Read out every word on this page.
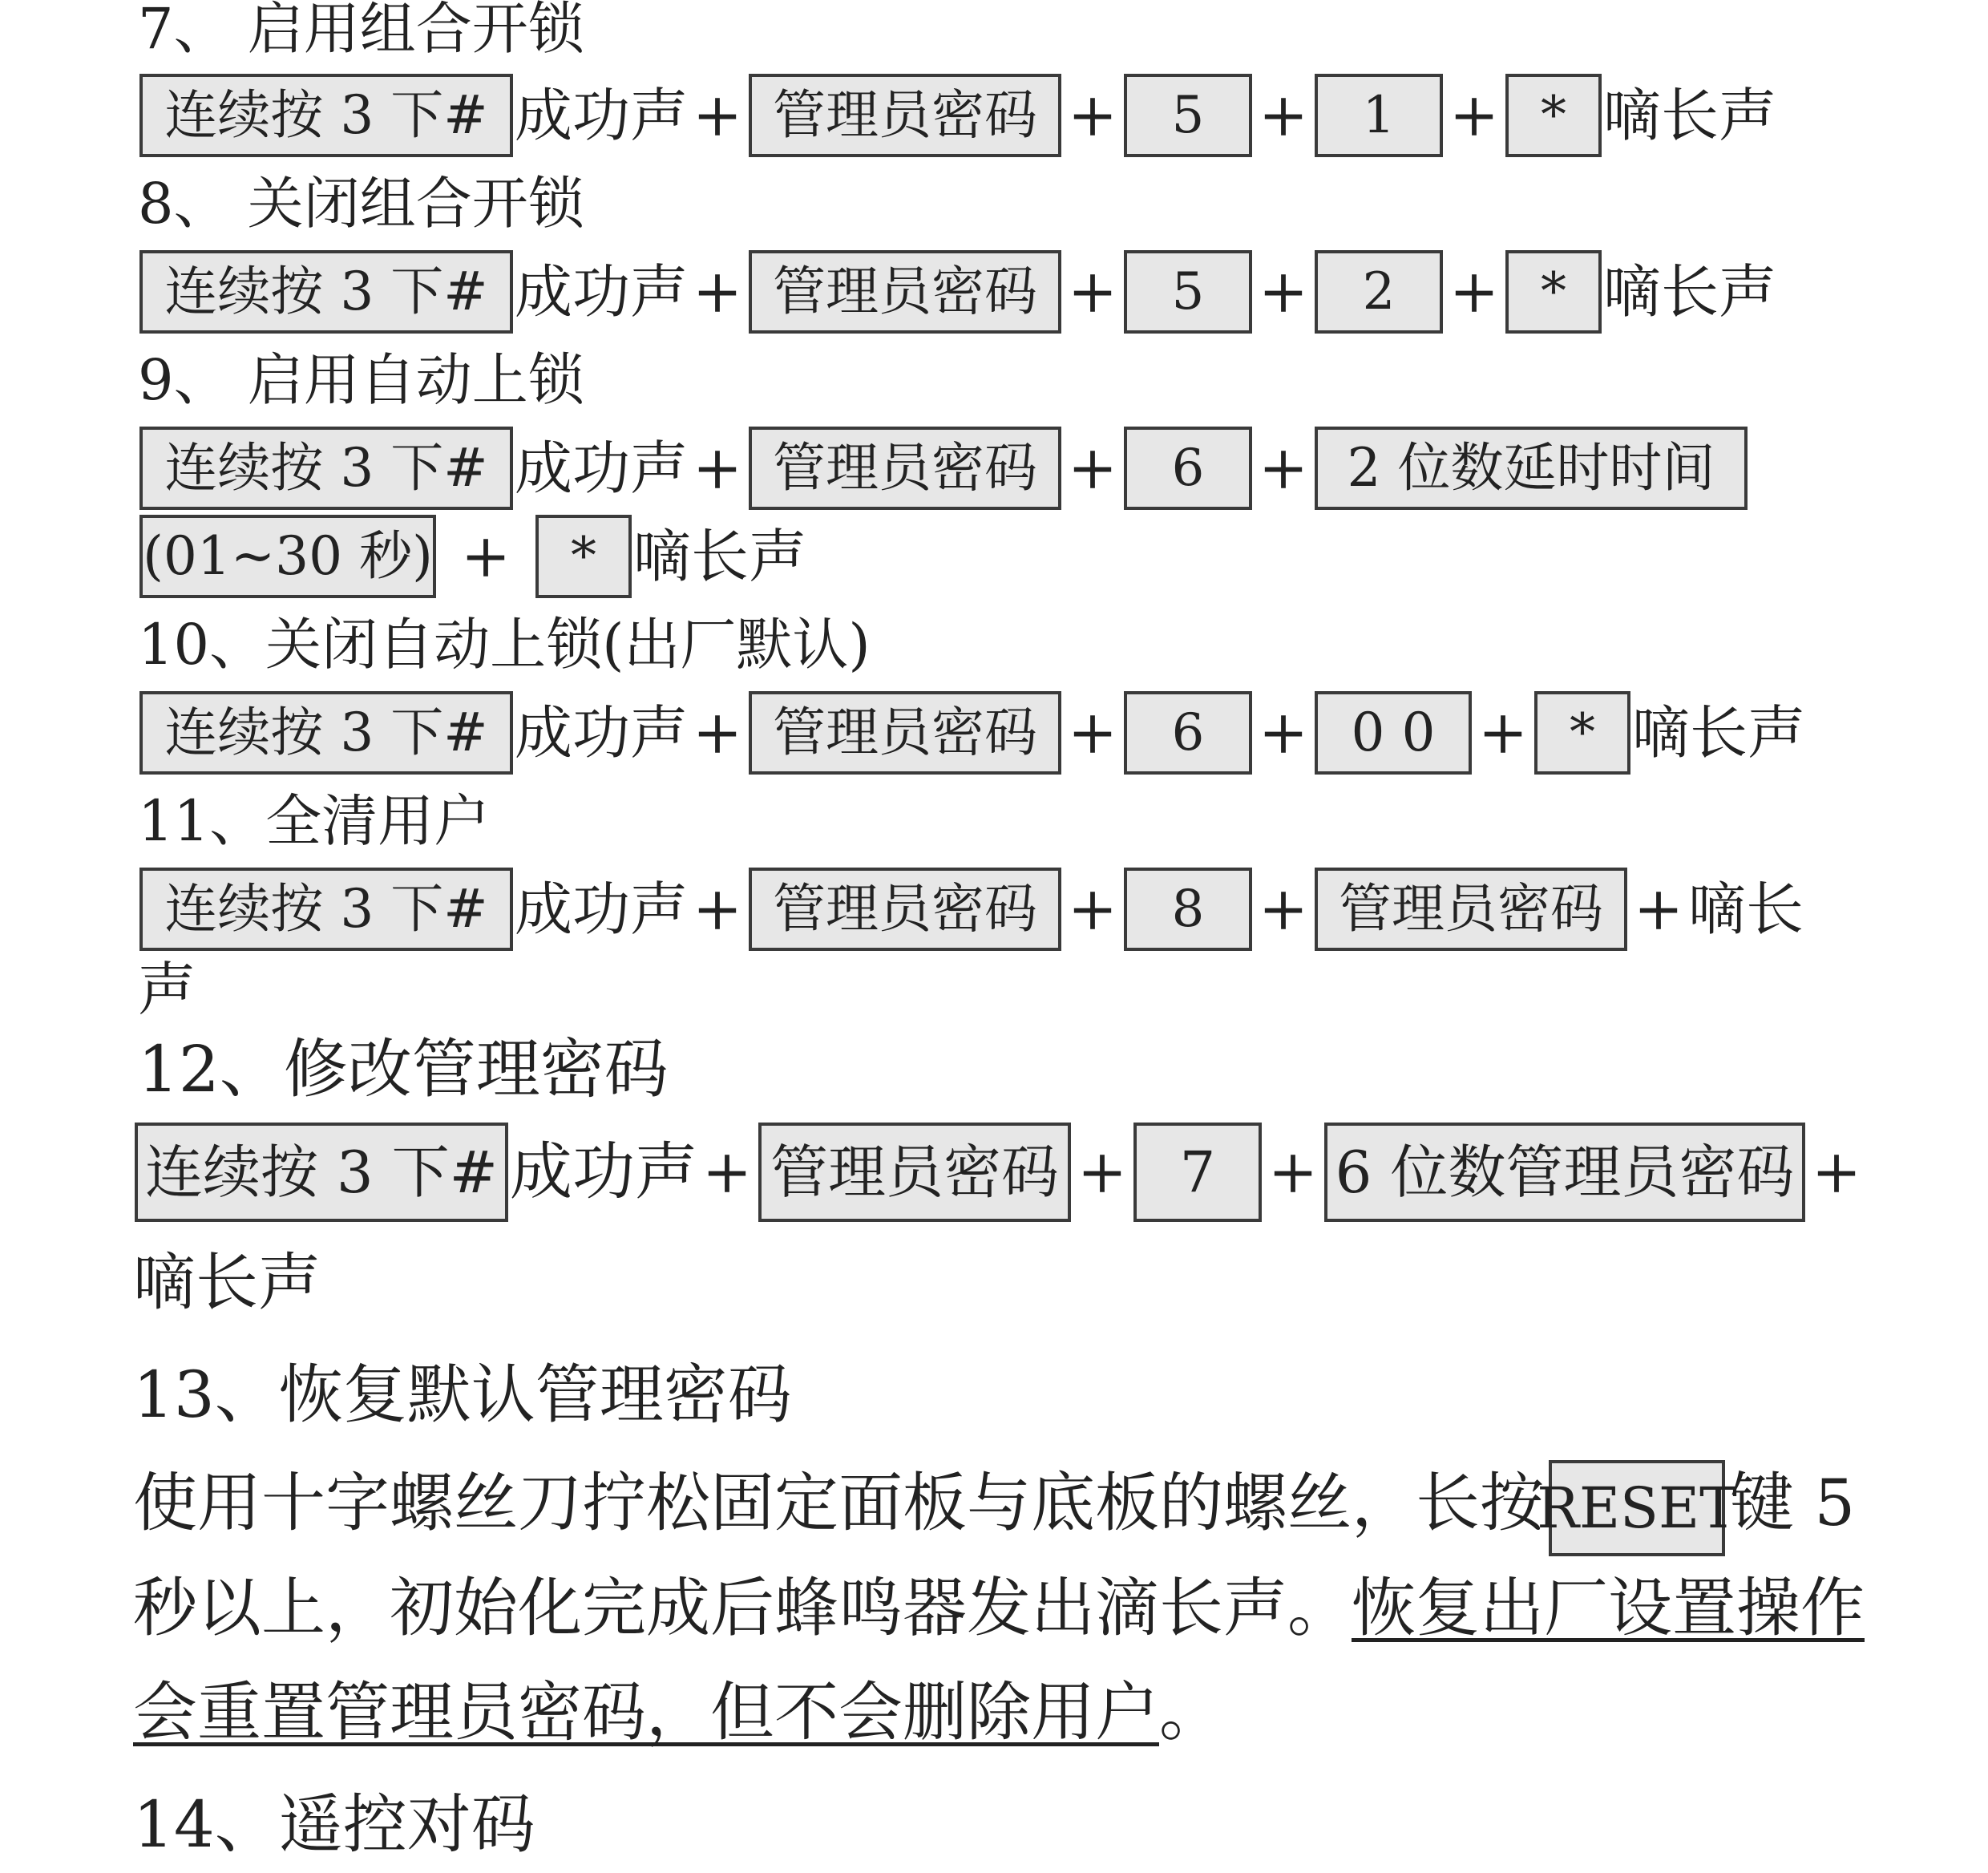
7、 启用组合开锁
连续按 3 下# 成功声 + 管理员密码 +	5 +	1 + * 嘀长声
8、 关闭组合开锁
连续按 3 下# 成功声 + 管理员密码 +	5 +	2 + * 嘀长声
9、 启用自动上锁
连续按 3 下# 成功声 + 管理员密码 +	6 + 2 位数延时时间
(01~30 秒) +	* 嘀长声
10、关闭自动上锁(出厂默认)
连续按 3 下# 成功声 + 管理员密码 +	6 + 0 0 + * 嘀长声
11、全清用户
连续按 3 下# 成功声 + 管理员密码 +	8 + 管理员密码 + 嘀长
声
12、修改管理密码
连续按 3 下# 成功声 + 管理员密码 + 7 + 6 位数管理员密码 +
嘀长声
13、恢复默认管理密码
使用十字螺丝刀拧松固定面板与底板的螺丝，长按RESET键 5 秒以上，初始化完成后蜂鸣器发出滴长声。恢复出厂设置操作会重置管理员密码，但不会删除用户。
14、遥控对码
